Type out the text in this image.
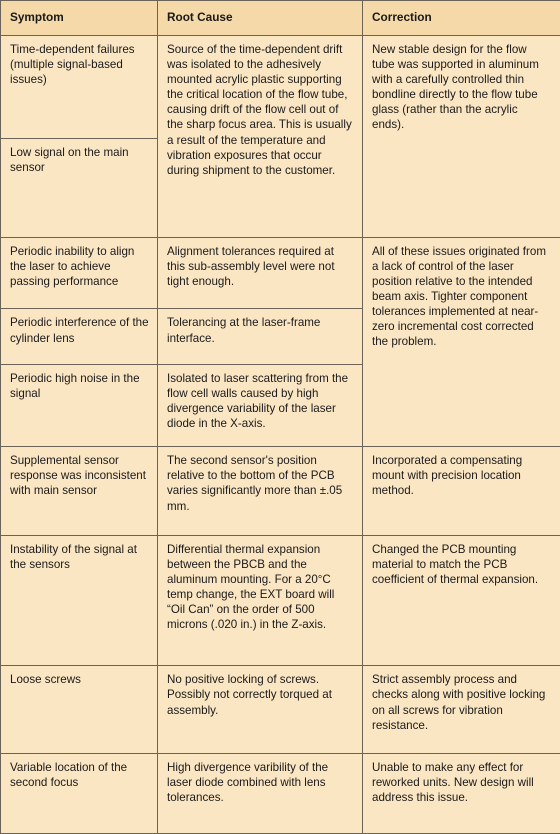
Symptom	Root Cause	Correction
Time-dependent failures (multiple signal-based issues)	Source of the time-dependent drift was isolated to the adhesively mounted acrylic plastic supporting the critical location of the flow tube, causing drift of the flow cell out of the sharp focus area. This is usually a result of the temperature and vibration exposures that occur during shipment to the customer.	New stable design for the flow tube was supported in aluminum with a carefully controlled thin bondline directly to the flow tube glass (rather than the acrylic ends).
Low signal on the main sensor		
Periodic inability to align the laser to achieve passing performance	Alignment tolerances required at this sub-assembly level were not tight enough.	All of these issues originated from a lack of control of the laser position relative to the intended beam axis. Tighter component tolerances implemented at near-zero incremental cost corrected the problem.
Periodic interference of the cylinder lens	Tolerancing at the laser-frame interface.	
Periodic high noise in the signal	Isolated to laser scattering from the flow cell walls caused by high divergence variability of the laser diode in the X-axis.	
Supplemental sensor response was inconsistent with main sensor	The second sensor's position relative to the bottom of the PCB varies significantly more than ±.05 mm.	Incorporated a compensating mount with precision location method.
Instability of the signal at the sensors	Differential thermal expansion between the PBCB and the aluminum mounting. For a 20°C temp change, the EXT board will “Oil Can” on the order of 500 microns (.020 in.) in the Z-axis.	Changed the PCB mounting material to match the PCB coefficient of thermal expansion.
Loose screws	No positive locking of screws. Possibly not correctly torqued at assembly.	Strict assembly process and checks along with positive locking on all screws for vibration resistance.
Variable location of the second focus	High divergence varibility of the laser diode combined with lens tolerances.	Unable to make any effect for reworked units. New design will address this issue.
